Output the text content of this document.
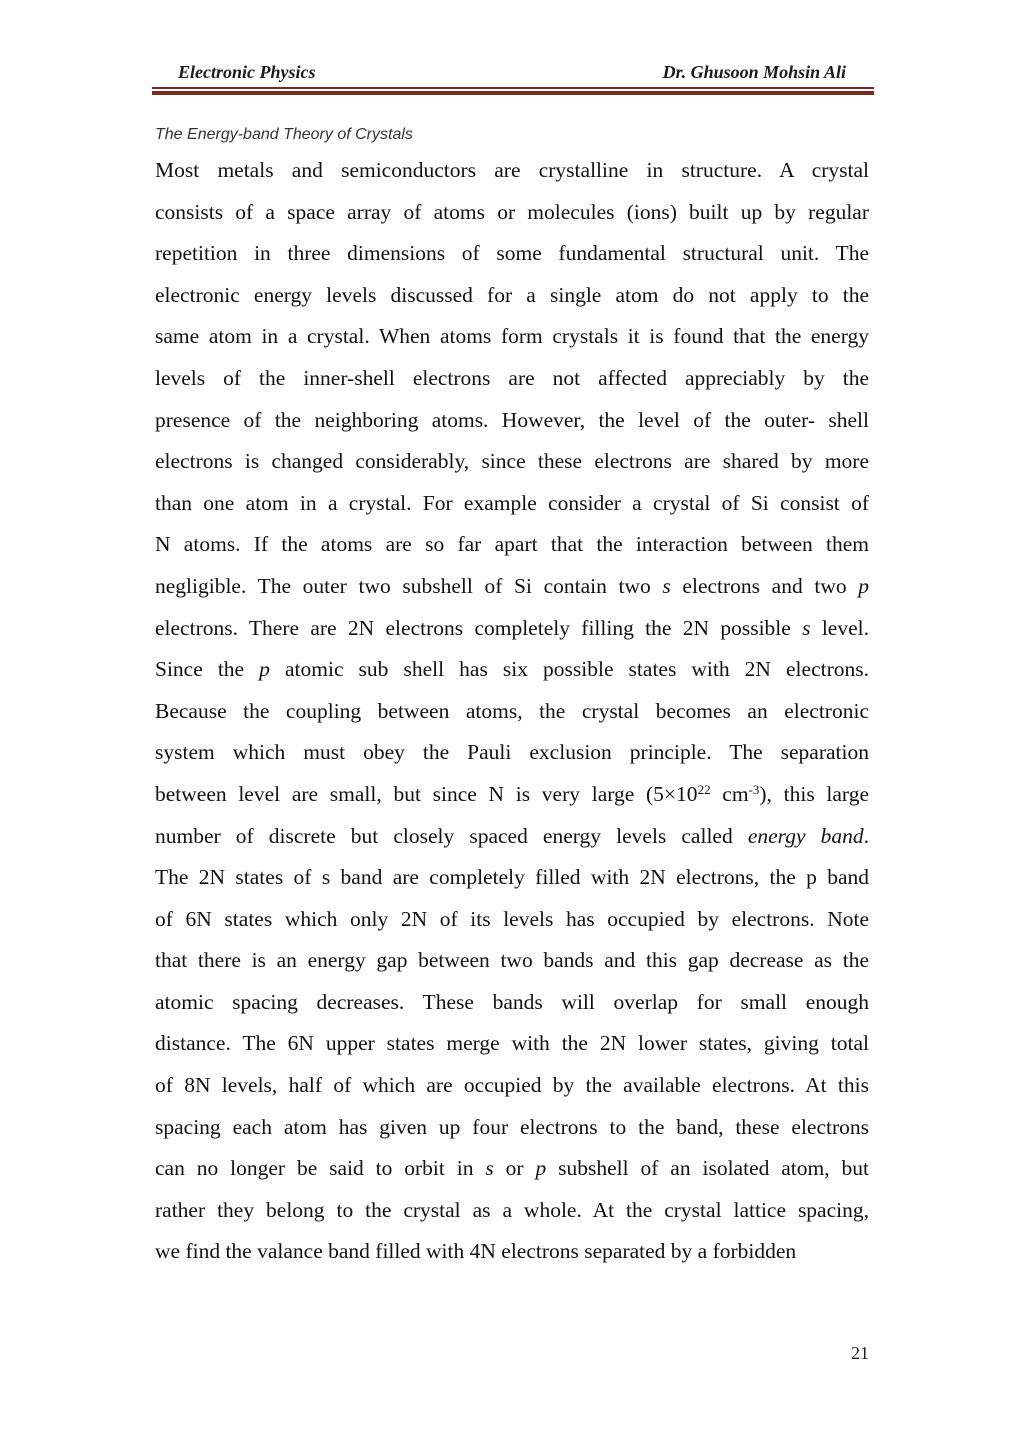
Electronic Physics	Dr. Ghusoon Mohsin Ali
The Energy-band Theory of Crystals
Most metals and semiconductors are crystalline in structure. A crystal
consists of a space array of atoms or molecules (ions) built up by regular
repetition in three dimensions of some fundamental structural unit. The
electronic energy levels discussed for a single atom do not apply to the
same atom in a crystal. When atoms form crystals it is found that the energy
levels of the inner-shell electrons are not affected appreciably by the
presence of the neighboring atoms. However, the level of the outer- shell
electrons is changed considerably, since these electrons are shared by more
than one atom in a crystal. For example consider a crystal of Si consist of
N atoms. If the atoms are so far apart that the interaction between them
negligible. The outer two subshell of Si contain two s electrons and two p
electrons. There are 2N electrons completely filling the 2N possible s level.
Since the p atomic sub shell has six possible states with 2N electrons.
Because the coupling between atoms, the crystal becomes an electronic
system which must obey the Pauli exclusion principle. The separation
between level are small, but since N is very large ($5\times 10^{22}$ $cm^{-3}$), this large
number of discrete but closely spaced energy levels called energy band.
The 2N states of s band are completely filled with 2N electrons, the p band
of 6N states which only 2N of its levels has occupied by electrons. Note
that there is an energy gap between two bands and this gap decrease as the
atomic spacing decreases. These bands will overlap for small enough
distance. The 6N upper states merge with the 2N lower states, giving total
of 8N levels, half of which are occupied by the available electrons. At this
spacing each atom has given up four electrons to the band, these electrons
can no longer be said to orbit in s or p subshell of an isolated atom, but
rather they belong to the crystal as a whole. At the crystal lattice spacing,
we find the valance band filled with 4N electrons separated by a forbidden
21
